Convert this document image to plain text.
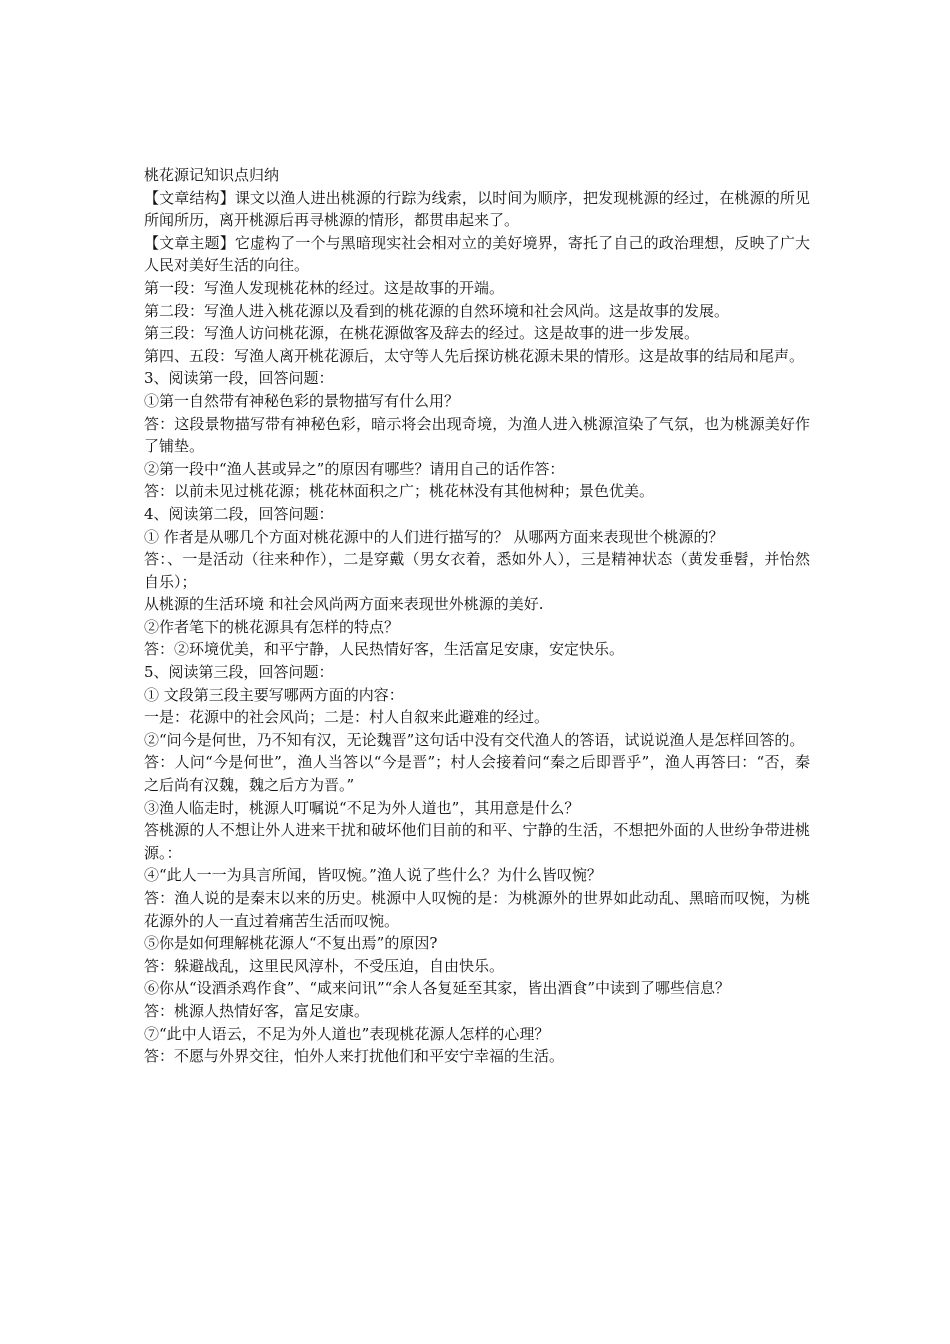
桃花源记知识点归纳

【文章结构】课文以渔人进出桃源的行踪为线索，以时间为顺序，把发现桃源的经过，在桃源的所见所闻所历，离开桃源后再寻桃源的情形，都贯串起来了。

【文章主题】它虚构了一个与黑暗现实社会相对立的美好境界，寄托了自己的政治理想，反映了广大人民对美好生活的向往。

第一段：写渔人发现桃花林的经过。这是故事的开端。

第二段：写渔人进入桃花源以及看到的桃花源的自然环境和社会风尚。这是故事的发展。

第三段：写渔人访问桃花源，在桃花源做客及辞去的经过。这是故事的进一步发展。

第四、五段：写渔人离开桃花源后，太守等人先后探访桃花源未果的情形。这是故事的结局和尾声。

3、阅读第一段，回答问题：

①第一自然带有神秘色彩的景物描写有什么用？

答：这段景物描写带有神秘色彩，暗示将会出现奇境，为渔人进入桃源渲染了气氛，也为桃源美好作了铺垫。

②第一段中“渔人甚或异之”的原因有哪些？请用自己的话作答：

答：以前未见过桃花源；桃花林面积之广；桃花林没有其他树种；景色优美。

4、阅读第二段，回答问题：

① 作者是从哪几个方面对桃花源中的人们进行描写的？ 从哪两方面来表现世个桃源的？

答：、一是活动（往来种作），二是穿戴（男女衣着，悉如外人），三是精神状态（黄发垂髫，并怡然自乐）；

从桃源的生活环境 和社会风尚两方面来表现世外桃源的美好.

②作者笔下的桃花源具有怎样的特点？

答：②环境优美，和平宁静，人民热情好客，生活富足安康，安定快乐。

5、阅读第三段，回答问题：

① 文段第三段主要写哪两方面的内容：

一是：花源中的社会风尚；二是：村人自叙来此避难的经过。

②“问今是何世，乃不知有汉，无论魏晋”这句话中没有交代渔人的答语，试说说渔人是怎样回答的。

答：人问“今是何世”，渔人当答以“今是晋”；村人会接着问“秦之后即晋乎”，渔人再答曰：“否，秦之后尚有汉魏，魏之后方为晋。”

③渔人临走时，桃源人叮嘱说“不足为外人道也”，其用意是什么？

答桃源的人不想让外人进来干扰和破坏他们目前的和平、宁静的生活，不想把外面的人世纷争带进桃源。：

④“此人一一为具言所闻，皆叹惋。”渔人说了些什么？为什么皆叹惋？

答：渔人说的是秦末以来的历史。桃源中人叹惋的是：为桃源外的世界如此动乱、黑暗而叹惋，为桃花源外的人一直过着痛苦生活而叹惋。

⑤你是如何理解桃花源人“不复出焉”的原因?

答：躲避战乱，这里民风淳朴，不受压迫，自由快乐。

⑥你从“设酒杀鸡作食”、“咸来问讯”“余人各复延至其家，皆出酒食”中读到了哪些信息？

答：桃源人热情好客，富足安康。

⑦“此中人语云，不足为外人道也”表现桃花源人怎样的心理？

答：不愿与外界交往，怕外人来打扰他们和平安宁幸福的生活。
